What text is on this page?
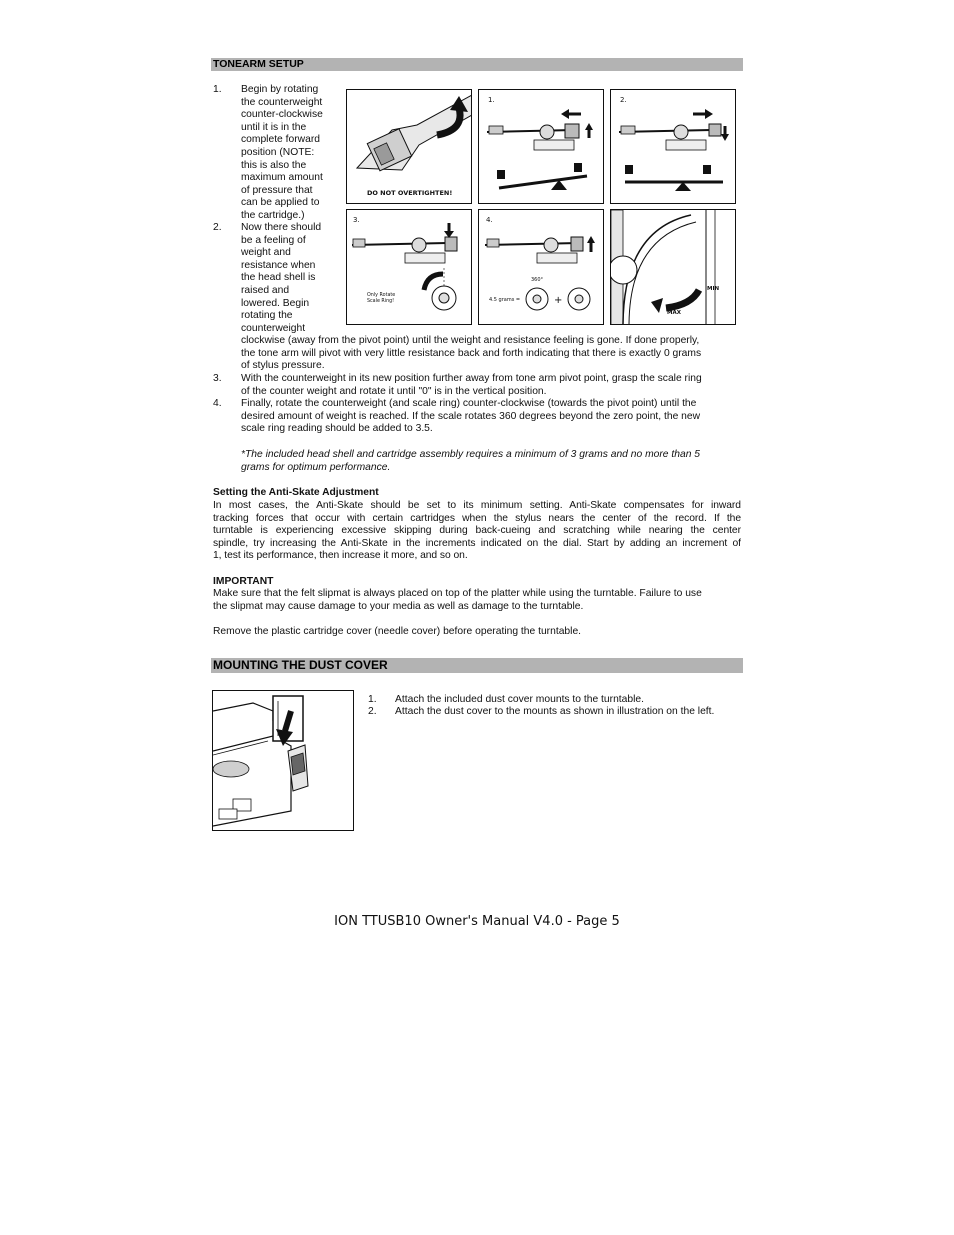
TONEARM SETUP
1.	Begin by rotating
the counterweight
counter-clockwise
until it is in the
complete forward
position (NOTE:
this is also the
maximum amount
of pressure that
can be applied to
the cartridge.)
2.	Now there should
be a feeling of
weight and
resistance when
the head shell is
raised and
lowered. Begin
rotating the
counterweight
clockwise (away from the pivot point) until the weight and resistance feeling is gone. If done properly,
the tone arm will pivot with very little resistance back and forth indicating that there is exactly 0 grams
of stylus pressure.
3.	With the counterweight in its new position further away from tone arm pivot point, grasp the scale ring
of the counter weight and rotate it until "0" is in the vertical position.
4.	Finally, rotate the counterweight (and scale ring) counter-clockwise (towards the pivot point) until the
desired amount of weight is reached. If the scale rotates 360 degrees beyond the zero point, the new
scale ring reading should be added to 3.5.
*The included head shell and cartridge assembly requires a minimum of 3 grams and no more than 5
grams for optimum performance.
DO NOT OVERTIGHTEN!
1.	2.
3.
Only Rotate
Scale Ring!
4.
360°
4.5 grams =	+
MIN
MAX
Setting the Anti-Skate Adjustment
In most cases, the Anti-Skate should be set to its minimum setting. Anti-Skate compensates for inward
tracking forces that occur with certain cartridges when the stylus nears the center of the record. If the
turntable is experiencing excessive skipping during back-cueing and scratching while nearing the center
spindle, try increasing the Anti-Skate in the increments indicated on the dial. Start by adding an increment of
1, test its performance, then increase it more, and so on.
IMPORTANT
Make sure that the felt slipmat is always placed on top of the platter while using the turntable. Failure to use
the slipmat may cause damage to your media as well as damage to the turntable.
Remove the plastic cartridge cover (needle cover) before operating the turntable.
MOUNTING THE DUST COVER
1. Attach the included dust cover mounts to the turntable.
2. Attach the dust cover to the mounts as shown in illustration on the left.
ION TTUSB10 Owner's Manual V4.0 - Page 5
